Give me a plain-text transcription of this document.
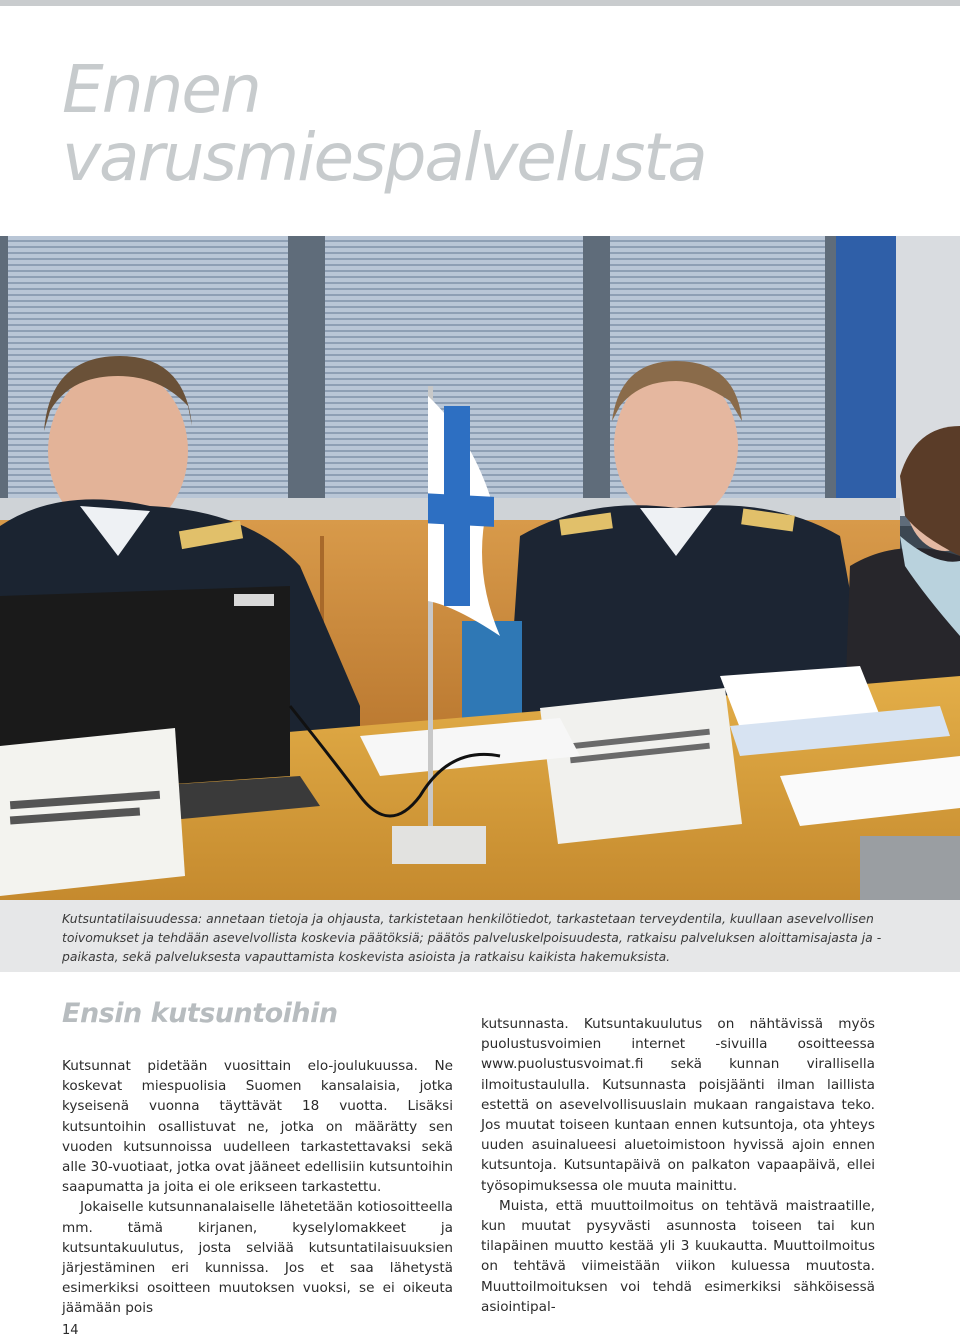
Ennen
varusmiespalvelusta

Kutsuntatilaisuudessa: annetaan tietoja ja ohjausta, tarkistetaan henkilötiedot, tarkastetaan terveydentila, kuullaan asevelvollisen toivomukset ja tehdään asevelvollista koskevia päätöksiä; päätös palveluskelpoisuudesta, ratkaisu palveluksen aloittamisajasta ja -paikasta, sekä palveluksesta vapauttamista koskevista asioista ja ratkaisu kaikista hakemuksista.

Ensin kutsuntoihin

Kutsunnat pidetään vuosittain elo-joulukuussa. Ne koskevat miespuolisia Suomen kansalaisia, jotka kyseisenä vuonna täyttävät 18 vuotta. Lisäksi kutsuntoihin osallistuvat ne, jotka on määrätty sen vuoden kutsunnoissa uudelleen tarkastettavaksi sekä alle 30-vuotiaat, jotka ovat jääneet edellisiin kutsuntoihin saapumatta ja joita ei ole erikseen tarkastettu.

Jokaiselle kutsunnanalaiselle lähetetään kotiosoitteella mm. tämä kirjanen, kyselylomakkeet ja kutsuntakuulutus, josta selviää kutsuntatilaisuuksien järjestäminen eri kunnissa. Jos et saa lähetystä esimerkiksi osoitteen muutoksen vuoksi, se ei oikeuta jäämään pois

kutsunnasta. Kutsuntakuulutus on nähtävissä myös puolustusvoimien internet -sivuilla osoitteessa www.puolustusvoimat.fi sekä kunnan virallisella ilmoitustaululla. Kutsunnasta poisjäänti ilman laillista estettä on asevelvollisuuslain mukaan rangaistava teko. Jos muutat toiseen kuntaan ennen kutsuntoja, ota yhteys uuden asuinalueesi aluetoimistoon hyvissä ajoin ennen kutsuntoja. Kutsuntapäivä on palkaton vapaapäivä, ellei työsopimuksessa ole muuta mainittu.

Muista, että muuttoilmoitus on tehtävä maistraatille, kun muutat pysyvästi asunnosta toiseen tai kun tilapäinen muutto kestää yli 3 kuukautta. Muuttoilmoitus on tehtävä viimeistään viikon kuluessa muutosta. Muuttoilmoituksen voi tehdä esimerkiksi sähköisessä asiointipal-

14
